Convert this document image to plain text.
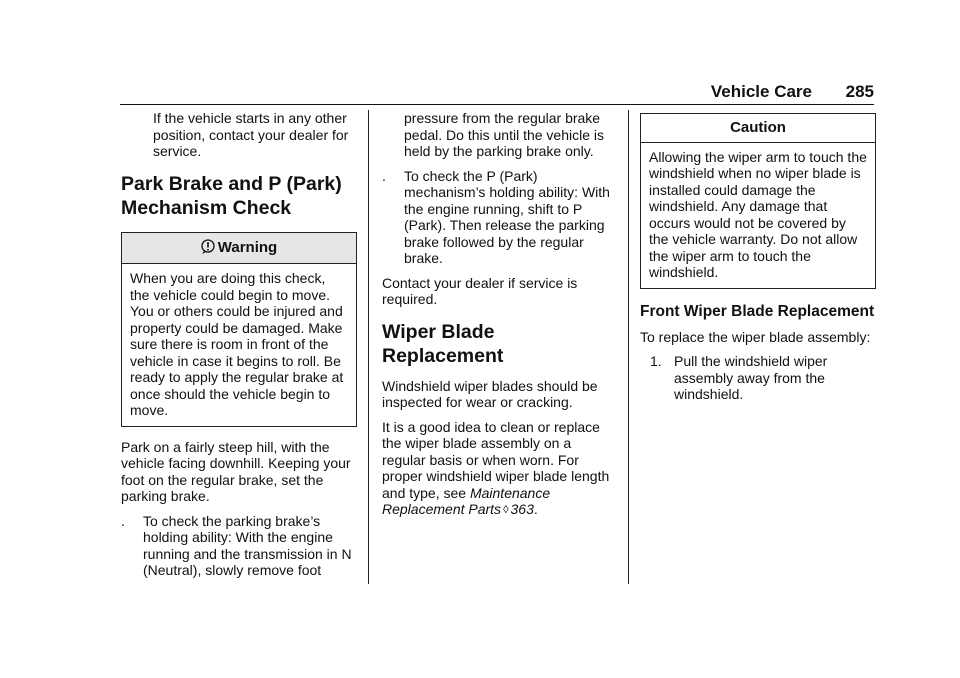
Vehicle Care 285

If the vehicle starts in any other position, contact your dealer for service.

Park Brake and P (Park) Mechanism Check
Warning
When you are doing this check, the vehicle could begin to move. You or others could be injured and property could be damaged. Make sure there is room in front of the vehicle in case it begins to roll. Be ready to apply the regular brake at once should the vehicle begin to move.

Park on a fairly steep hill, with the vehicle facing downhill. Keeping your foot on the regular brake, set the parking brake.

. To check the parking brake’s holding ability: With the engine running and the transmission in N (Neutral), slowly remove foot

pressure from the regular brake pedal. Do this until the vehicle is held by the parking brake only.

. To check the P (Park) mechanism’s holding ability: With the engine running, shift to P (Park). Then release the parking brake followed by the regular brake.

Contact your dealer if service is required.

Wiper Blade Replacement

Windshield wiper blades should be inspected for wear or cracking.

It is a good idea to clean or replace the wiper blade assembly on a regular basis or when worn. For proper windshield wiper blade length and type, see Maintenance Replacement Parts ◊ 363.

Caution
Allowing the wiper arm to touch the windshield when no wiper blade is installed could damage the windshield. Any damage that occurs would not be covered by the vehicle warranty. Do not allow the wiper arm to touch the windshield.
Front Wiper Blade Replacement

To replace the wiper blade assembly:

1. Pull the windshield wiper assembly away from the windshield.
